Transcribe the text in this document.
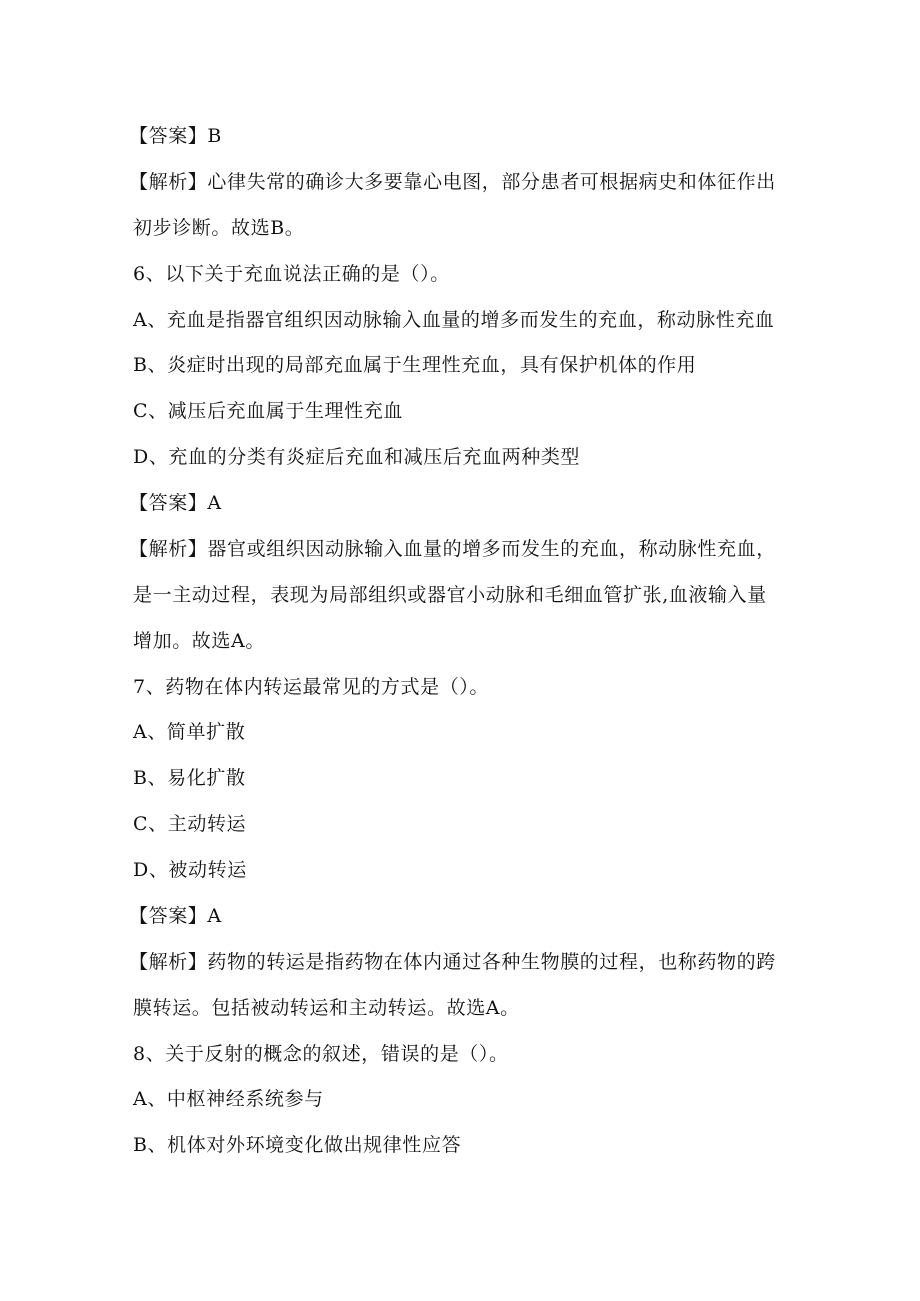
【答案】B
【解析】心律失常的确诊大多要靠心电图，部分患者可根据病史和体征作出
初步诊断。故选B。
6、以下关于充血说法正确的是（）。
A、充血是指器官组织因动脉输入血量的增多而发生的充血，称动脉性充血
B、炎症时出现的局部充血属于生理性充血，具有保护机体的作用
C、减压后充血属于生理性充血
D、充血的分类有炎症后充血和减压后充血两种类型
【答案】A
【解析】器官或组织因动脉输入血量的增多而发生的充血，称动脉性充血，
是一主动过程，表现为局部组织或器官小动脉和毛细血管扩张,血液输入量
增加。故选A。
7、药物在体内转运最常见的方式是（）。
A、简单扩散
B、易化扩散
C、主动转运
D、被动转运
【答案】A
【解析】药物的转运是指药物在体内通过各种生物膜的过程，也称药物的跨
膜转运。包括被动转运和主动转运。故选A。
8、关于反射的概念的叙述，错误的是（）。
A、中枢神经系统参与
B、机体对外环境变化做出规律性应答
